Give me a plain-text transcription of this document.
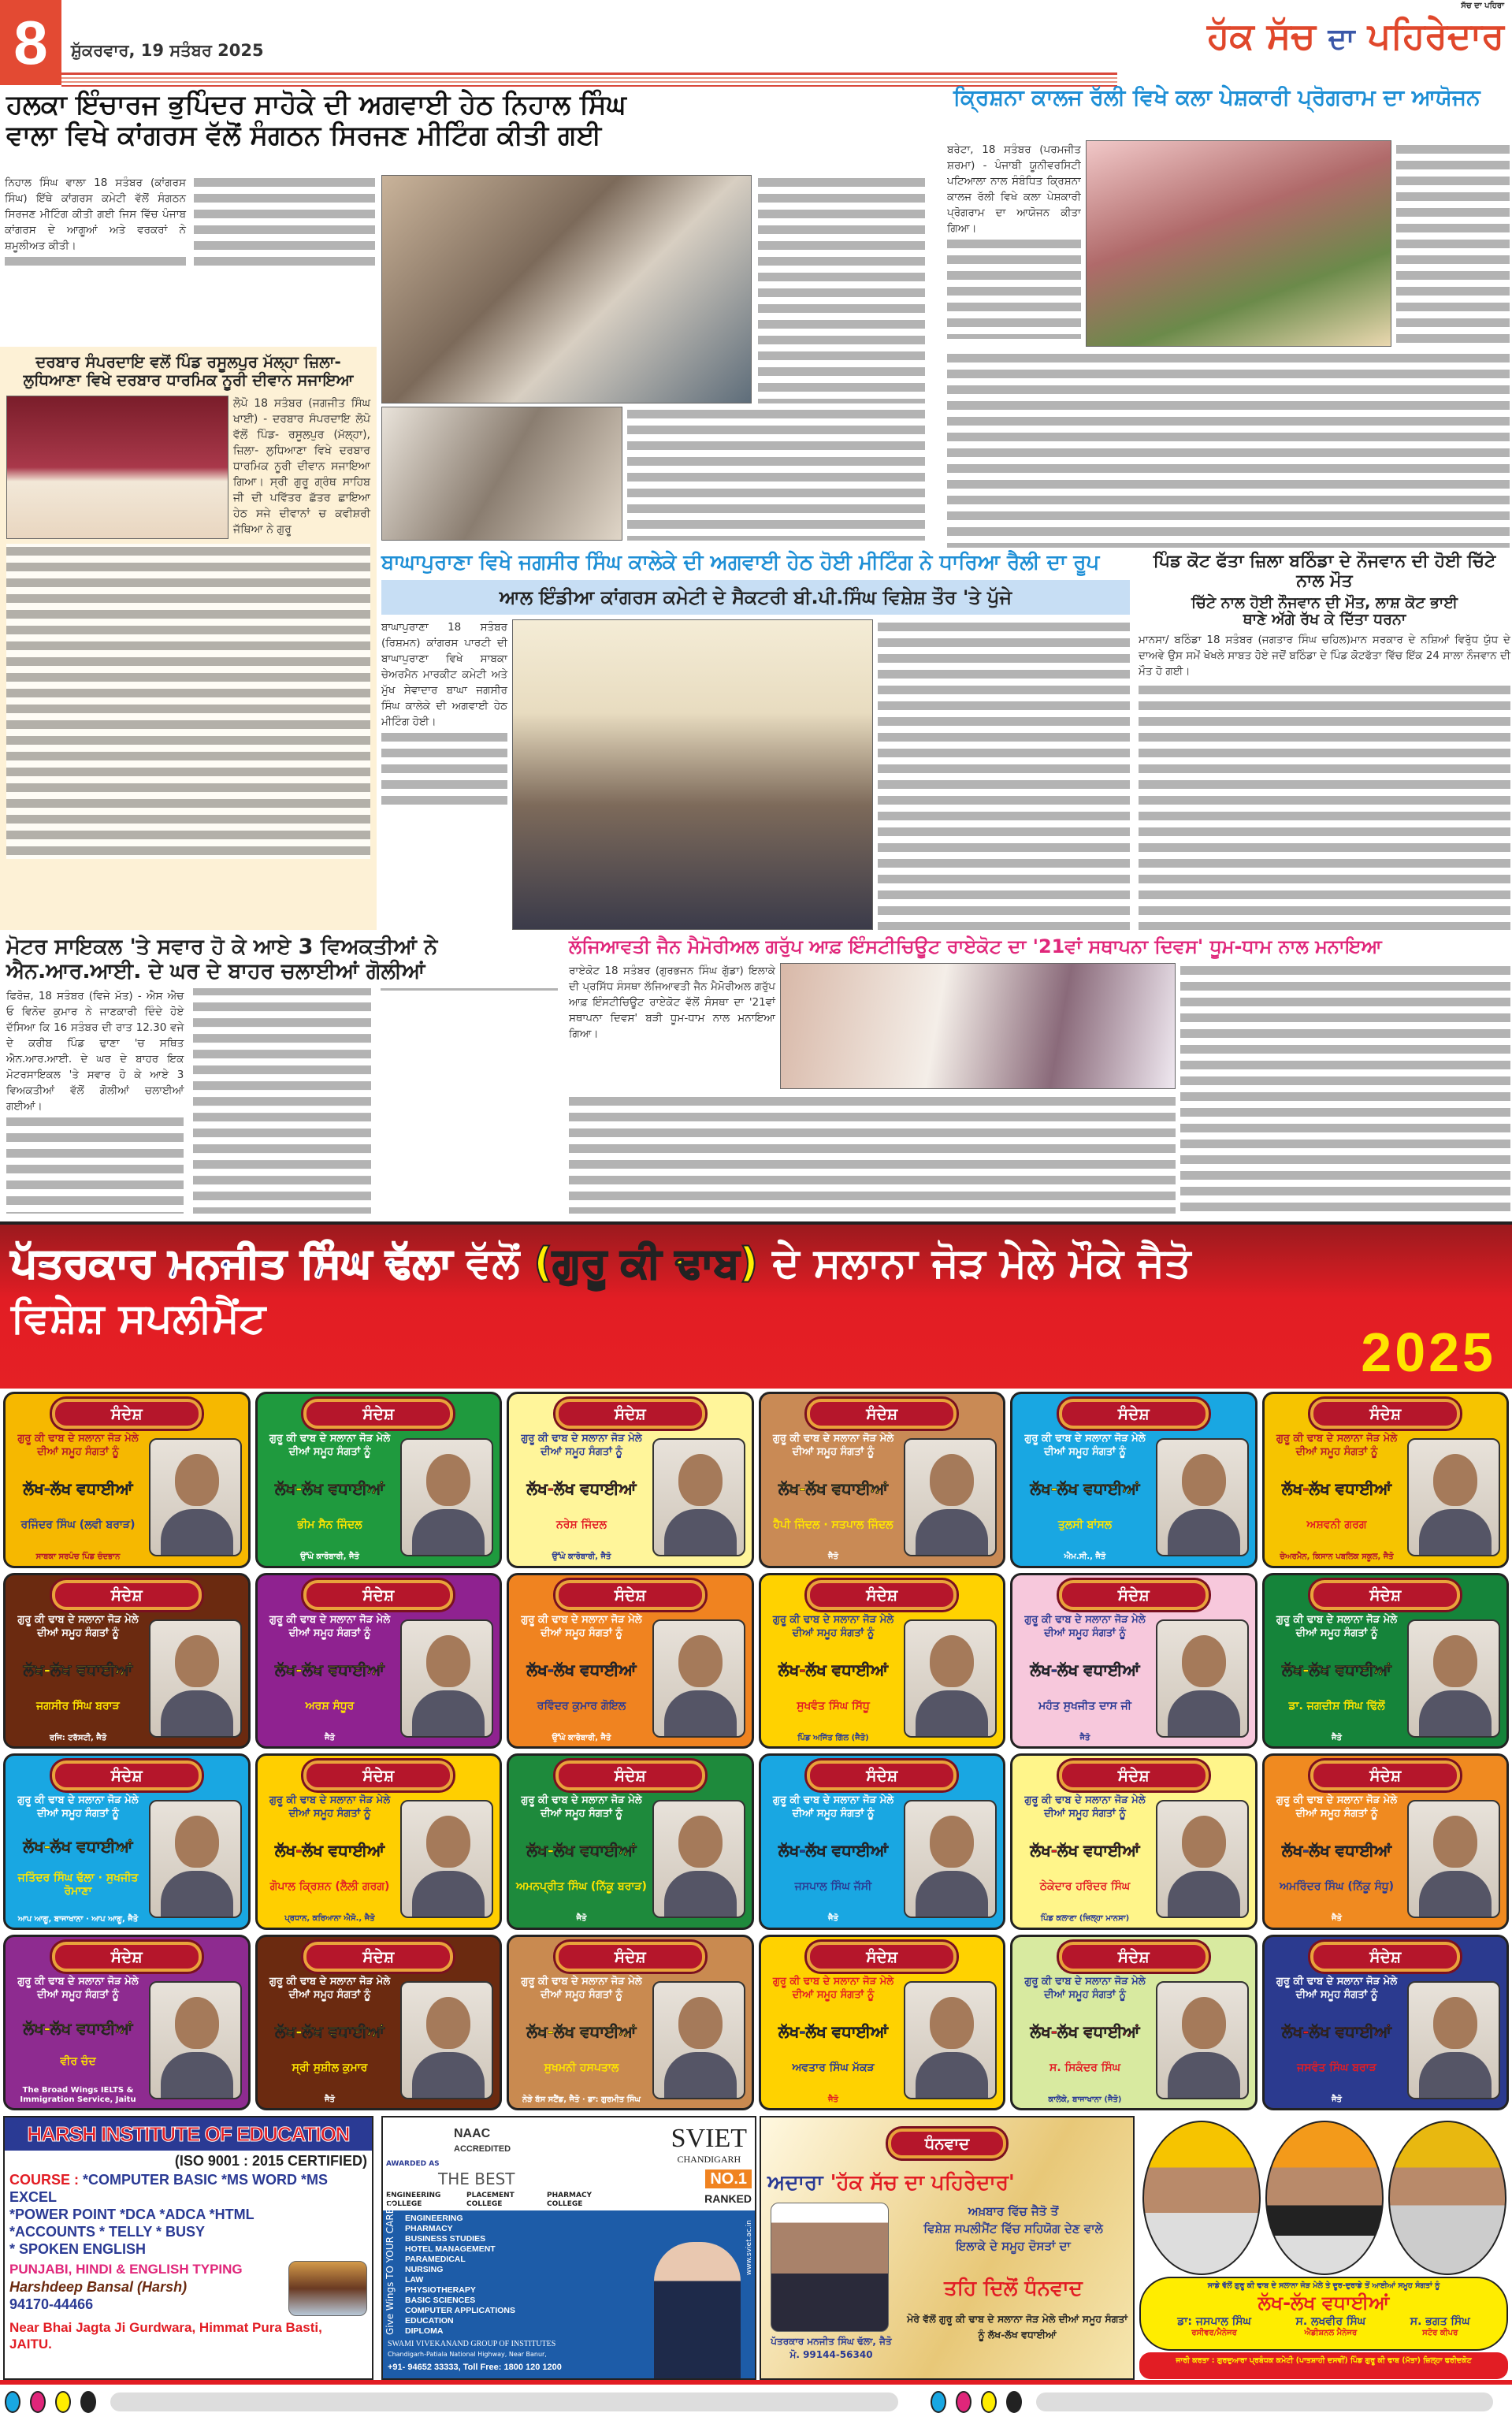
8	ਸ਼ੁੱਕਰਵਾਰ, 19 ਸਤੰਬਰ 2025
ਸੱਚ ਦਾ ਪਹਿਰਾ
ਹੱਕ ਸੱਚ ਦਾ ਪਹਿਰੇਦਾਰ
ਹਲਕਾ ਇੰਚਾਰਜ ਭੁਪਿੰਦਰ ਸਾਹੋਕੇ ਦੀ ਅਗਵਾਈ ਹੇਠ ਨਿਹਾਲ ਸਿੰਘ
ਵਾਲਾ ਵਿਖੇ ਕਾਂਗਰਸ ਵੱਲੋਂ ਸੰਗਠਨ ਸਿਰਜਣ ਮੀਟਿੰਗ ਕੀਤੀ ਗਈ
ਨਿਹਾਲ ਸਿੰਘ ਵਾਲਾ 18 ਸਤੰਬਰ (ਕਾਂਗਰਸ ਸਿੰਘ) ਇੱਥੇ ਕਾਂਗਰਸ ਕਮੇਟੀ ਵੱਲੋਂ ਸੰਗਠਨ ਸਿਰਜਣ ਮੀਟਿੰਗ ਕੀਤੀ ਗਈ ਜਿਸ ਵਿੱਚ ਪੰਜਾਬ ਕਾਂਗਰਸ ਦੇ ਆਗੂਆਂ ਅਤੇ ਵਰਕਰਾਂ ਨੇ ਸ਼ਮੂਲੀਅਤ ਕੀਤੀ।
ਕ੍ਰਿਸ਼ਨਾ ਕਾਲਜ ਰੱਲੀ ਵਿਖੇ ਕਲਾ ਪੇਸ਼ਕਾਰੀ ਪ੍ਰੋਗਰਾਮ ਦਾ ਆਯੋਜਨ
ਬਰੇਟਾ, 18 ਸਤੰਬਰ (ਪਰਮਜੀਤ ਸ਼ਰਮਾ) - ਪੰਜਾਬੀ ਯੂਨੀਵਰਸਿਟੀ ਪਟਿਆਲਾ ਨਾਲ ਸੰਬੰਧਿਤ ਕ੍ਰਿਸ਼ਨਾ ਕਾਲਜ ਰੱਲੀ ਵਿਖੇ ਕਲਾ ਪੇਸ਼ਕਾਰੀ ਪ੍ਰੋਗਰਾਮ ਦਾ ਆਯੋਜਨ ਕੀਤਾ ਗਿਆ।
ਦਰਬਾਰ ਸੰਪਰਦਾਇ ਵਲੋਂ ਪਿੰਡ ਰਸੂਲਪੁਰ ਮੱਲ੍ਹਾ ਜ਼ਿਲਾ-
ਲੁਧਿਆਣਾ ਵਿਖੇ ਦਰਬਾਰ ਧਾਰਮਿਕ ਨੂਰੀ ਦੀਵਾਨ ਸਜਾਇਆ
ਲੋਪੋ 18 ਸਤੰਬਰ (ਜਗਜੀਤ ਸਿੰਘ ਖਾਈ) - ਦਰਬਾਰ ਸੰਪਰਦਾਇ ਲੋਪੋ ਵੱਲੋਂ ਪਿੰਡ- ਰਸੂਲਪੁਰ (ਮੱਲ੍ਹਾ), ਜ਼ਿਲਾ- ਲੁਧਿਆਣਾ ਵਿਖੇ ਦਰਬਾਰ ਧਾਰਮਿਕ ਨੂਰੀ ਦੀਵਾਨ ਸਜਾਇਆ ਗਿਆ। ਸ੍ਰੀ ਗੁਰੂ ਗ੍ਰੰਥ ਸਾਹਿਬ ਜੀ ਦੀ ਪਵਿੱਤਰ ਛੱਤਰ ਛਾਇਆ ਹੇਠ ਸਜੇ ਦੀਵਾਨਾਂ ਚ ਕਵੀਸ਼ਰੀ ਜੱਥਿਆ ਨੇ ਗੁਰੂ
ਬਾਘਾਪੁਰਾਣਾ ਵਿਖੇ ਜਗਸੀਰ ਸਿੰਘ ਕਾਲੇਕੇ ਦੀ ਅਗਵਾਈ ਹੇਠ ਹੋਈ ਮੀਟਿੰਗ ਨੇ ਧਾਰਿਆ ਰੈਲੀ ਦਾ ਰੂਪ
ਆਲ ਇੰਡੀਆ ਕਾਂਗਰਸ ਕਮੇਟੀ ਦੇ ਸੈਕਟਰੀ ਬੀ.ਪੀ.ਸਿੰਘ ਵਿਸ਼ੇਸ਼ ਤੌਰ 'ਤੇ ਪੁੱਜੇ
ਬਾਘਾਪੁਰਾਣਾ 18 ਸਤੰਬਰ (ਰਿਸ਼ਮਨ) ਕਾਂਗਰਸ ਪਾਰਟੀ ਦੀ ਬਾਘਾਪੁਰਾਣਾ ਵਿਖੇ ਸਾਬਕਾ ਚੇਅਰਮੈਨ ਮਾਰਕੀਟ ਕਮੇਟੀ ਅਤੇ ਮੁੱਖ ਸੇਵਾਦਾਰ ਬਾਘਾ ਜਗਸੀਰ ਸਿੰਘ ਕਾਲੇਕੇ ਦੀ ਅਗਵਾਈ ਹੇਠ ਮੀਟਿੰਗ ਹੋਈ।
ਪਿੰਡ ਕੋਟ ਫੱਤਾ ਜ਼ਿਲਾ ਬਠਿੰਡਾ ਦੇ ਨੌਜਵਾਨ ਦੀ ਹੋਈ ਚਿੱਟੇ ਨਾਲ ਮੌਤ
ਚਿੱਟੇ ਨਾਲ ਹੋਈ ਨੌਜਵਾਨ ਦੀ ਮੌਤ, ਲਾਸ਼ ਕੋਟ ਭਾਈ
ਥਾਣੇ ਅੱਗੇ ਰੱਖ ਕੇ ਦਿੱਤਾ ਧਰਨਾ
ਮਾਨਸਾ/ ਬਠਿੰਡਾ 18 ਸਤੰਬਰ (ਜਗਤਾਰ ਸਿੰਘ ਚਹਿਲ)ਮਾਨ ਸਰਕਾਰ ਦੇ ਨਸ਼ਿਆਂ ਵਿਰੁੱਧ ਯੁੱਧ ਦੇ ਦਾਅਵੇ ਉਸ ਸਮੇਂ ਖੋਖਲੇ ਸਾਬਤ ਹੋਏ ਜਦੋਂ ਬਠਿੰਡਾ ਦੇ ਪਿੰਡ ਕੋਟਫੱਤਾ ਵਿੱਚ ਇੱਕ 24 ਸਾਲਾ ਨੌਜਵਾਨ ਦੀ ਮੌਤ ਹੋ ਗਈ।
ਮੋਟਰ ਸਾਇਕਲ 'ਤੇ ਸਵਾਰ ਹੋ ਕੇ ਆਏ 3 ਵਿਅਕਤੀਆਂ ਨੇ
ਐਨ.ਆਰ.ਆਈ. ਦੇ ਘਰ ਦੇ ਬਾਹਰ ਚਲਾਈਆਂ ਗੋਲੀਆਂ
ਫਿਰੋਜ਼, 18 ਸਤੰਬਰ (ਵਿਜੇ ਮੱਤ) - ਐਸ ਐਚ ਓ ਵਿਨੋਦ ਕੁਮਾਰ ਨੇ ਜਾਣਕਾਰੀ ਦਿੰਦੇ ਹੋਏ ਦੱਸਿਆ ਕਿ 16 ਸਤੰਬਰ ਦੀ ਰਾਤ 12.30 ਵਜੇ ਦੇ ਕਰੀਬ ਪਿੰਡ ਢਾਣਾ 'ਚ ਸਥਿਤ ਐਨ.ਆਰ.ਆਈ. ਦੇ ਘਰ ਦੇ ਬਾਹਰ ਇਕ ਮੋਟਰਸਾਇਕਲ 'ਤੇ ਸਵਾਰ ਹੋ ਕੇ ਆਏ 3 ਵਿਅਕਤੀਆਂ ਵੱਲੋਂ ਗੋਲੀਆਂ ਚਲਾਈਆਂ ਗਈਆਂ।
ਲੱਜਿਆਵਤੀ ਜੈਨ ਮੈਮੋਰੀਅਲ ਗਰੁੱਪ ਆਫ਼ ਇੰਸਟੀਚਿਊਟ ਰਾਏਕੋਟ ਦਾ '21ਵਾਂ ਸਥਾਪਨਾ ਦਿਵਸ' ਧੂਮ-ਧਾਮ ਨਾਲ ਮਨਾਇਆ
ਰਾਏਕੋਟ 18 ਸਤੰਬਰ (ਗੁਰਭਜਨ ਸਿੰਘ ਗੁੱਡਾ) ਇਲਾਕੇ ਦੀ ਪ੍ਰਸਿੱਧ ਸੰਸਥਾ ਲੱਜਿਆਵਤੀ ਜੈਨ ਮੈਮੋਰੀਅਲ ਗਰੁੱਪ ਆਫ਼ ਇੰਸਟੀਚਿਊਟ ਰਾਏਕੋਟ ਵੱਲੋਂ ਸੰਸਥਾ ਦਾ '21ਵਾਂ ਸਥਾਪਨਾ ਦਿਵਸ' ਬੜੀ ਧੂਮ-ਧਾਮ ਨਾਲ ਮਨਾਇਆ ਗਿਆ।
ਪੱਤਰਕਾਰ ਮਨਜੀਤ ਸਿੰਘ ਢੱਲਾ ਵੱਲੋਂ (ਗੁਰੂ ਕੀ ਢਾਬ) ਦੇ ਸਲਾਨਾ ਜੋੜ ਮੇਲੇ ਮੌਕੇ ਜੈਤੋ ਵਿਸ਼ੇਸ਼ ਸਪਲੀਮੈਂਟ
2025
ਸੰਦੇਸ਼
ਗੁਰੂ ਕੀ ਢਾਬ ਦੇ ਸਲਾਨਾ ਜੋੜ ਮੇਲੇ ਦੀਆਂ ਸਮੂਹ ਸੰਗਤਾਂ ਨੂੰ
ਲੱਖ-ਲੱਖ ਵਧਾਈਆਂ
ਰਜਿੰਦਰ ਸਿੰਘ (ਲਵੀ ਬਰਾੜ)
ਸਾਬਕਾ ਸਰਪੰਚ ਪਿੰਡ ਚੰਦਭਾਨ
ਸੰਦੇਸ਼
ਗੁਰੂ ਕੀ ਢਾਬ ਦੇ ਸਲਾਨਾ ਜੋੜ ਮੇਲੇ ਦੀਆਂ ਸਮੂਹ ਸੰਗਤਾਂ ਨੂੰ
ਲੱਖ-ਲੱਖ ਵਧਾਈਆਂ
ਭੀਮ ਸੈਨ ਜਿੰਦਲ
ਉੱਘੇ ਕਾਰੋਬਾਰੀ, ਜੈਤੋ
ਸੰਦੇਸ਼
ਗੁਰੂ ਕੀ ਢਾਬ ਦੇ ਸਲਾਨਾ ਜੋੜ ਮੇਲੇ ਦੀਆਂ ਸਮੂਹ ਸੰਗਤਾਂ ਨੂੰ
ਲੱਖ-ਲੱਖ ਵਧਾਈਆਂ
ਨਰੇਸ਼ ਜਿੰਦਲ
ਉੱਘੇ ਕਾਰੋਬਾਰੀ, ਜੈਤੋ
ਸੰਦੇਸ਼
ਗੁਰੂ ਕੀ ਢਾਬ ਦੇ ਸਲਾਨਾ ਜੋੜ ਮੇਲੇ ਦੀਆਂ ਸਮੂਹ ਸੰਗਤਾਂ ਨੂੰ
ਲੱਖ-ਲੱਖ ਵਧਾਈਆਂ
ਹੈਪੀ ਜਿੰਦਲ · ਸਤਪਾਲ ਜਿੰਦਲ
ਜੈਤੋ
ਸੰਦੇਸ਼
ਗੁਰੂ ਕੀ ਢਾਬ ਦੇ ਸਲਾਨਾ ਜੋੜ ਮੇਲੇ ਦੀਆਂ ਸਮੂਹ ਸੰਗਤਾਂ ਨੂੰ
ਲੱਖ-ਲੱਖ ਵਧਾਈਆਂ
ਤੁਲਸੀ ਬਾਂਸਲ
ਐਮ.ਸੀ., ਜੈਤੋ
ਸੰਦੇਸ਼
ਗੁਰੂ ਕੀ ਢਾਬ ਦੇ ਸਲਾਨਾ ਜੋੜ ਮੇਲੇ ਦੀਆਂ ਸਮੂਹ ਸੰਗਤਾਂ ਨੂੰ
ਲੱਖ-ਲੱਖ ਵਧਾਈਆਂ
ਅਸ਼ਵਨੀ ਗਰਗ
ਚੇਅਰਮੈਨ, ਕਿਸਾਨ ਪਬਲਿਕ ਸਕੂਲ, ਜੈਤੋ
ਸੰਦੇਸ਼
ਗੁਰੂ ਕੀ ਢਾਬ ਦੇ ਸਲਾਨਾ ਜੋੜ ਮੇਲੇ ਦੀਆਂ ਸਮੂਹ ਸੰਗਤਾਂ ਨੂੰ
ਲੱਖ-ਲੱਖ ਵਧਾਈਆਂ
ਜਗਸੀਰ ਸਿੰਘ ਬਰਾੜ
ਰਜਿ: ਟਰੱਸਟੀ, ਜੈਤੋ
ਸੰਦੇਸ਼
ਗੁਰੂ ਕੀ ਢਾਬ ਦੇ ਸਲਾਨਾ ਜੋੜ ਮੇਲੇ ਦੀਆਂ ਸਮੂਹ ਸੰਗਤਾਂ ਨੂੰ
ਲੱਖ-ਲੱਖ ਵਧਾਈਆਂ
ਅਰਸ਼ ਸੰਧੂਰ
ਜੈਤੋ
ਸੰਦੇਸ਼
ਗੁਰੂ ਕੀ ਢਾਬ ਦੇ ਸਲਾਨਾ ਜੋੜ ਮੇਲੇ ਦੀਆਂ ਸਮੂਹ ਸੰਗਤਾਂ ਨੂੰ
ਲੱਖ-ਲੱਖ ਵਧਾਈਆਂ
ਰਵਿੰਦਰ ਕੁਮਾਰ ਗੋਇਲ
ਉੱਘੇ ਕਾਰੋਬਾਰੀ, ਜੈਤੋ
ਸੰਦੇਸ਼
ਗੁਰੂ ਕੀ ਢਾਬ ਦੇ ਸਲਾਨਾ ਜੋੜ ਮੇਲੇ ਦੀਆਂ ਸਮੂਹ ਸੰਗਤਾਂ ਨੂੰ
ਲੱਖ-ਲੱਖ ਵਧਾਈਆਂ
ਸੁਖਵੰਤ ਸਿੰਘ ਸਿੱਧੂ
ਪਿੰਡ ਅਜਿੱਤ ਗਿੱਲ (ਜੈਤੋ)
ਸੰਦੇਸ਼
ਗੁਰੂ ਕੀ ਢਾਬ ਦੇ ਸਲਾਨਾ ਜੋੜ ਮੇਲੇ ਦੀਆਂ ਸਮੂਹ ਸੰਗਤਾਂ ਨੂੰ
ਲੱਖ-ਲੱਖ ਵਧਾਈਆਂ
ਮਹੰਤ ਸੁਖਜੀਤ ਦਾਸ ਜੀ
ਜੈਤੋ
ਸੰਦੇਸ਼
ਗੁਰੂ ਕੀ ਢਾਬ ਦੇ ਸਲਾਨਾ ਜੋੜ ਮੇਲੇ ਦੀਆਂ ਸਮੂਹ ਸੰਗਤਾਂ ਨੂੰ
ਲੱਖ-ਲੱਖ ਵਧਾਈਆਂ
ਡਾ. ਜਗਦੀਸ਼ ਸਿੰਘ ਢਿੱਲੋਂ
ਜੈਤੋ
ਸੰਦੇਸ਼
ਗੁਰੂ ਕੀ ਢਾਬ ਦੇ ਸਲਾਨਾ ਜੋੜ ਮੇਲੇ ਦੀਆਂ ਸਮੂਹ ਸੰਗਤਾਂ ਨੂੰ
ਲੱਖ-ਲੱਖ ਵਧਾਈਆਂ
ਜਤਿੰਦਰ ਸਿੰਘ ਢੱਲਾ · ਸੁਖਜੀਤ ਰੋਮਾਣਾ
ਆਪ ਆਗੂ, ਬਾਜਾਖਾਨਾ · ਆਪ ਆਗੂ, ਜੈਤੋ
ਸੰਦੇਸ਼
ਗੁਰੂ ਕੀ ਢਾਬ ਦੇ ਸਲਾਨਾ ਜੋੜ ਮੇਲੇ ਦੀਆਂ ਸਮੂਹ ਸੰਗਤਾਂ ਨੂੰ
ਲੱਖ-ਲੱਖ ਵਧਾਈਆਂ
ਗੋਪਾਲ ਕ੍ਰਿਸ਼ਨ (ਲੈਲੀ ਗਰਗ)
ਪ੍ਰਧਾਨ, ਕਰਿਆਨਾ ਐਸੋ., ਜੈਤੋ
ਸੰਦੇਸ਼
ਗੁਰੂ ਕੀ ਢਾਬ ਦੇ ਸਲਾਨਾ ਜੋੜ ਮੇਲੇ ਦੀਆਂ ਸਮੂਹ ਸੰਗਤਾਂ ਨੂੰ
ਲੱਖ-ਲੱਖ ਵਧਾਈਆਂ
ਅਮਨਪ੍ਰੀਤ ਸਿੰਘ (ਨਿੱਕੂ ਬਰਾੜ)
ਜੈਤੋ
ਸੰਦੇਸ਼
ਗੁਰੂ ਕੀ ਢਾਬ ਦੇ ਸਲਾਨਾ ਜੋੜ ਮੇਲੇ ਦੀਆਂ ਸਮੂਹ ਸੰਗਤਾਂ ਨੂੰ
ਲੱਖ-ਲੱਖ ਵਧਾਈਆਂ
ਜਸਪਾਲ ਸਿੰਘ ਜੱਸੀ
ਜੈਤੋ
ਸੰਦੇਸ਼
ਗੁਰੂ ਕੀ ਢਾਬ ਦੇ ਸਲਾਨਾ ਜੋੜ ਮੇਲੇ ਦੀਆਂ ਸਮੂਹ ਸੰਗਤਾਂ ਨੂੰ
ਲੱਖ-ਲੱਖ ਵਧਾਈਆਂ
ਠੇਕੇਦਾਰ ਹਰਿੰਦਰ ਸਿੰਘ
ਪਿੰਡ ਕਲਾਣਾ (ਜ਼ਿਲ੍ਹਾ ਮਾਨਸਾ)
ਸੰਦੇਸ਼
ਗੁਰੂ ਕੀ ਢਾਬ ਦੇ ਸਲਾਨਾ ਜੋੜ ਮੇਲੇ ਦੀਆਂ ਸਮੂਹ ਸੰਗਤਾਂ ਨੂੰ
ਲੱਖ-ਲੱਖ ਵਧਾਈਆਂ
ਅਮਰਿੰਦਰ ਸਿੰਘ (ਨਿੱਕੂ ਸੰਧੂ)
ਜੈਤੋ
ਸੰਦੇਸ਼
ਗੁਰੂ ਕੀ ਢਾਬ ਦੇ ਸਲਾਨਾ ਜੋੜ ਮੇਲੇ ਦੀਆਂ ਸਮੂਹ ਸੰਗਤਾਂ ਨੂੰ
ਲੱਖ-ਲੱਖ ਵਧਾਈਆਂ
ਵੀਰ ਚੰਦ
The Broad Wings IELTS & Immigration Service, Jaitu
ਸੰਦੇਸ਼
ਗੁਰੂ ਕੀ ਢਾਬ ਦੇ ਸਲਾਨਾ ਜੋੜ ਮੇਲੇ ਦੀਆਂ ਸਮੂਹ ਸੰਗਤਾਂ ਨੂੰ
ਲੱਖ-ਲੱਖ ਵਧਾਈਆਂ
ਸ੍ਰੀ ਸੁਸ਼ੀਲ ਕੁਮਾਰ
ਜੈਤੋ
ਸੰਦੇਸ਼
ਗੁਰੂ ਕੀ ਢਾਬ ਦੇ ਸਲਾਨਾ ਜੋੜ ਮੇਲੇ ਦੀਆਂ ਸਮੂਹ ਸੰਗਤਾਂ ਨੂੰ
ਲੱਖ-ਲੱਖ ਵਧਾਈਆਂ
ਸੁਖਮਨੀ ਹਸਪਤਾਲ
ਨੇੜੇ ਬੱਸ ਸਟੈਂਡ, ਜੈਤੋ · ਡਾ: ਗੁਰਮੀਤ ਸਿੰਘ
ਸੰਦੇਸ਼
ਗੁਰੂ ਕੀ ਢਾਬ ਦੇ ਸਲਾਨਾ ਜੋੜ ਮੇਲੇ ਦੀਆਂ ਸਮੂਹ ਸੰਗਤਾਂ ਨੂੰ
ਲੱਖ-ਲੱਖ ਵਧਾਈਆਂ
ਅਵਤਾਰ ਸਿੰਘ ਮੱਕੜ
ਜੈਤੋ
ਸੰਦੇਸ਼
ਗੁਰੂ ਕੀ ਢਾਬ ਦੇ ਸਲਾਨਾ ਜੋੜ ਮੇਲੇ ਦੀਆਂ ਸਮੂਹ ਸੰਗਤਾਂ ਨੂੰ
ਲੱਖ-ਲੱਖ ਵਧਾਈਆਂ
ਸ. ਸਿਕੰਦਰ ਸਿੰਘ
ਕਾਲੇਕੇ, ਬਾਜਾਖਾਨਾ (ਜੈਤੋ)
ਸੰਦੇਸ਼
ਗੁਰੂ ਕੀ ਢਾਬ ਦੇ ਸਲਾਨਾ ਜੋੜ ਮੇਲੇ ਦੀਆਂ ਸਮੂਹ ਸੰਗਤਾਂ ਨੂੰ
ਲੱਖ-ਲੱਖ ਵਧਾਈਆਂ
ਜਸਵੰਤ ਸਿੰਘ ਬਰਾੜ
ਜੈਤੋ
HARSH INSTITUTE OF EDUCATION
(ISO 9001 : 2015 CERTIFIED)
COURSE : *COMPUTER BASIC *MS WORD *MS EXCEL
*POWER POINT *DCA *ADCA *HTML
*ACCOUNTS * TELLY * BUSY
* SPOKEN ENGLISH
PUNJABI, HINDI & ENGLISH TYPING
Harshdeep Bansal (Harsh)
94170-44466
Near Bhai Jagta Ji Gurdwara, Himmat Pura Basti, JAITU.
NAAC
ACCREDITED	SVIET
CHANDIGARH
AWARDED AS
THE BEST
ENGINEERING COLLEGE
PLACEMENT COLLEGE
PHARMACY COLLEGE
NO.1
RANKED
Give Wings TO YOUR CAREER ENGINEERING
PHARMACY
BUSINESS STUDIES
HOTEL MANAGEMENT
PARAMEDICAL
NURSING
LAW
PHYSIOTHERAPY
BASIC SCIENCES
COMPUTER APPLICATIONS
EDUCATION
DIPLOMA
SWAMI VIVEKANAND GROUP OF INSTITUTES
Chandigarh-Patiala National Highway, Near Banur,
+91- 94652 33333, Toll Free: 1800 120 1200
www.sviet.ac.in
ਧੰਨਵਾਦ
ਅਦਾਰਾ 'ਹੱਕ ਸੱਚ ਦਾ ਪਹਿਰੇਦਾਰ'
ਅਖ਼ਬਾਰ ਵਿੱਚ ਜੈਤੋ ਤੋਂ
ਵਿਸ਼ੇਸ਼ ਸਪਲੀਮੈਂਟ ਵਿੱਚ ਸਹਿਯੋਗ ਦੇਣ ਵਾਲੇ
ਇਲਾਕੇ ਦੇ ਸਮੂਹ ਦੋਸਤਾਂ ਦਾ
ਤਹਿ ਦਿਲੋਂ ਧੰਨਵਾਦ
ਪੱਤਰਕਾਰ ਮਨਜੀਤ ਸਿੰਘ ਢੱਲਾ, ਜੈਤੋ
ਮੋ. 99144-56340
ਮੇਰੇ ਵੱਲੋਂ ਗੁਰੂ ਕੀ ਢਾਬ ਦੇ ਸਲਾਨਾ ਜੋੜ ਮੇਲੇ ਦੀਆਂ ਸਮੂਹ ਸੰਗਤਾਂ ਨੂੰ ਲੱਖ-ਲੱਖ ਵਧਾਈਆਂ
ਸਾਡੇ ਵੱਲੋਂ ਗੁਰੂ ਕੀ ਢਾਬ ਦੇ ਸਲਾਨਾ ਜੋੜ ਮੇਲੇ ਤੇ ਦੂਰ-ਦੁਰਾਡੇ ਤੋਂ ਆਈਆਂ ਸਮੂਹ ਸੰਗਤਾਂ ਨੂੰ
ਲੱਖ-ਲੱਖ ਵਧਾਈਆਂ
ਡਾ: ਜਸਪਾਲ ਸਿੰਘ
ਰਸੀਵਰ/ਮੈਨੇਜਰ
ਸ. ਲਖਵੀਰ ਸਿੰਘ
ਐਡੀਸ਼ਨਲ ਮੈਨੇਜਰ
ਸ. ਭਗਤ ਸਿੰਘ
ਸਟੋਰ ਕੀਪਰ
ਜਾਰੀ ਕਰਤਾ : ਗੁਰਦੁਆਰਾ ਪ੍ਰਬੰਧਕ ਕਮੇਟੀ (ਪਾਤਸ਼ਾਹੀ ਦਸਵੀਂ) ਪਿੰਡ ਗੁਰੂ ਕੀ ਢਾਬ (ਮੱਤਾ) ਜ਼ਿਲ੍ਹਾ ਫਰੀਦਕੋਟ
